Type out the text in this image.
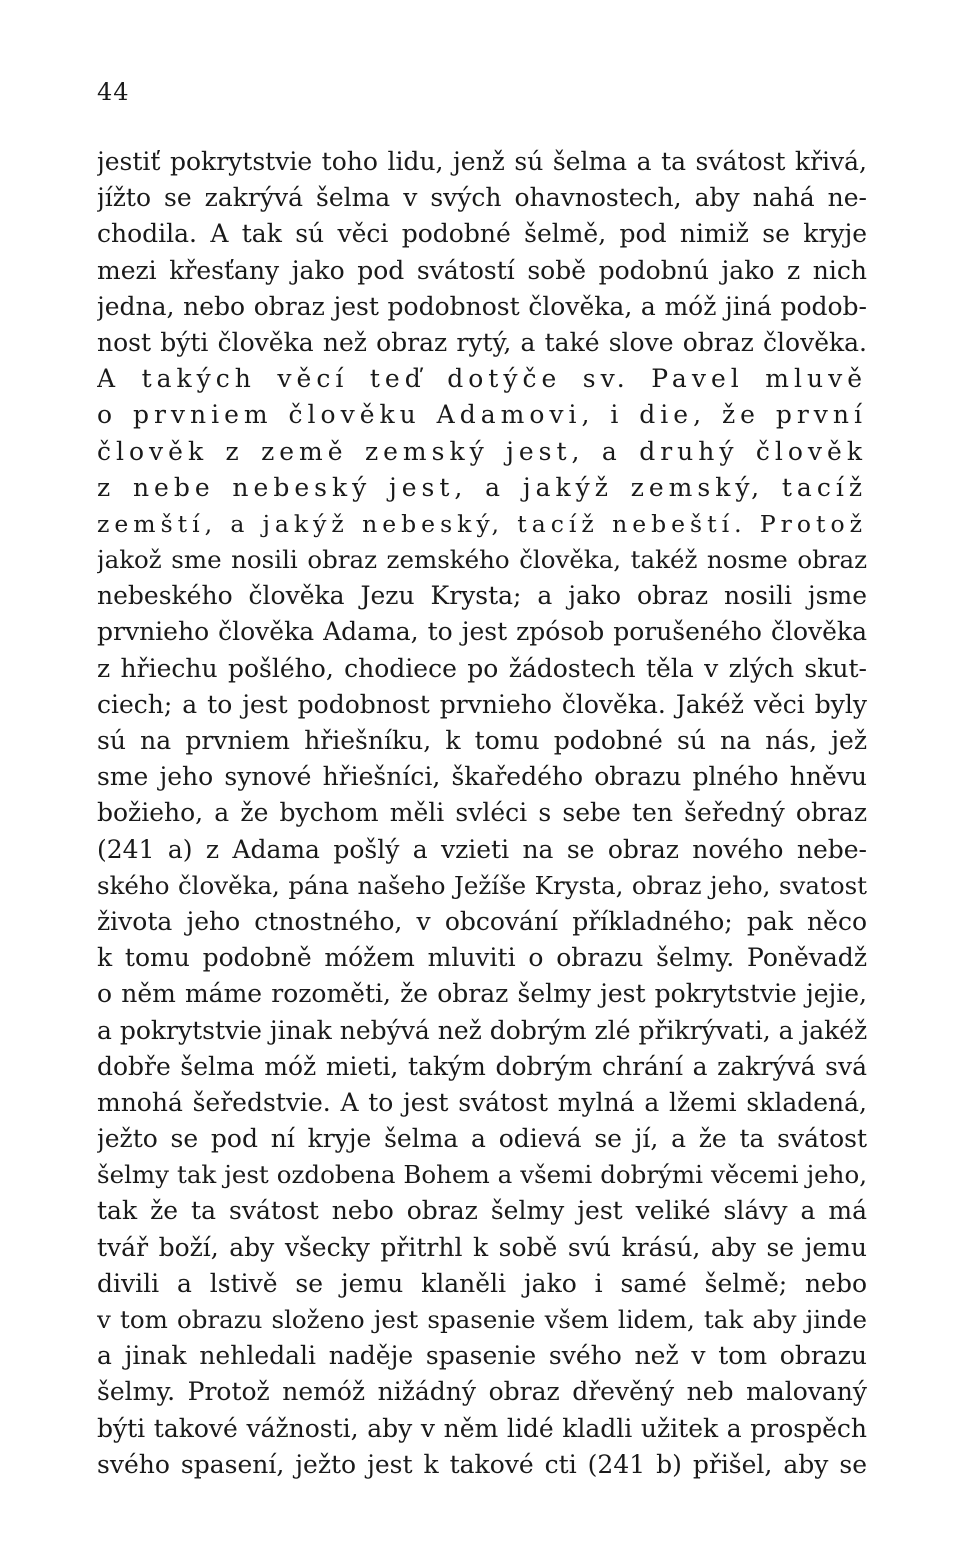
44
jestiť pokrytstvie toho lidu, jenž sú šelma a ta svátost křivá,
jížto se zakrývá šelma v svých ohavnostech, aby nahá ne-
chodila. A tak sú věci podobné šelmě, pod nimiž se kryje
mezi křesťany jako pod svátostí sobě podobnú jako z nich
jedna, nebo obraz jest podobnost člověka, a móž jiná podob-
nost býti člověka než obraz rytý, a také slove obraz člověka.
A takých věcí teď dotýče sv. Pavel mluvě
o prvniem člověku Adamovi, i die, že první
člověk z země zemský jest, a druhý člověk
z nebe nebeský jest, a jakýž zemský, tacíž
zemští, a jakýž nebeský, tacíž nebeští. Protož
jakož sme nosili obraz zemského člověka, takéž nosme obraz
nebeského člověka Jezu Krysta; a jako obraz nosili jsme
prvnieho člověka Adama, to jest zpósob porušeného člověka
z hřiechu pošlého, chodiece po žádostech těla v zlých skut-
ciech; a to jest podobnost prvnieho člověka. Jakéž věci byly
sú na prvniem hřiešníku, k tomu podobné sú na nás, jež
sme jeho synové hřiešníci, škaředého obrazu plného hněvu
božieho, a že bychom měli svléci s sebe ten šeředný obraz
(241 a) z Adama pošlý a vzieti na se obraz nového nebe-
ského člověka, pána našeho Ježíše Krysta, obraz jeho, svatost
života jeho ctnostného, v obcování příkladného; pak něco
k tomu podobně móžem mluviti o obrazu šelmy. Poněvadž
o něm máme rozoměti, že obraz šelmy jest pokrytstvie jejie,
a pokrytstvie jinak nebývá než dobrým zlé přikrývati, a jakéž
dobře šelma móž mieti, takým dobrým chrání a zakrývá svá
mnohá šeředstvie. A to jest svátost mylná a lžemi skladená,
ježto se pod ní kryje šelma a odievá se jí, a že ta svátost
šelmy tak jest ozdobena Bohem a všemi dobrými věcemi jeho,
tak že ta svátost nebo obraz šelmy jest veliké slávy a má
tvář boží, aby všecky přitrhl k sobě svú krású, aby se jemu
divili a lstivě se jemu klaněli jako i samé šelmě; nebo
v tom obrazu složeno jest spasenie všem lidem, tak aby jinde
a jinak nehledali naděje spasenie svého než v tom obrazu
šelmy. Protož nemóž nižádný obraz dřevěný neb malovaný
býti takové vážnosti, aby v něm lidé kladli užitek a prospěch
svého spasení, ježto jest k takové cti (241 b) přišel, aby se
